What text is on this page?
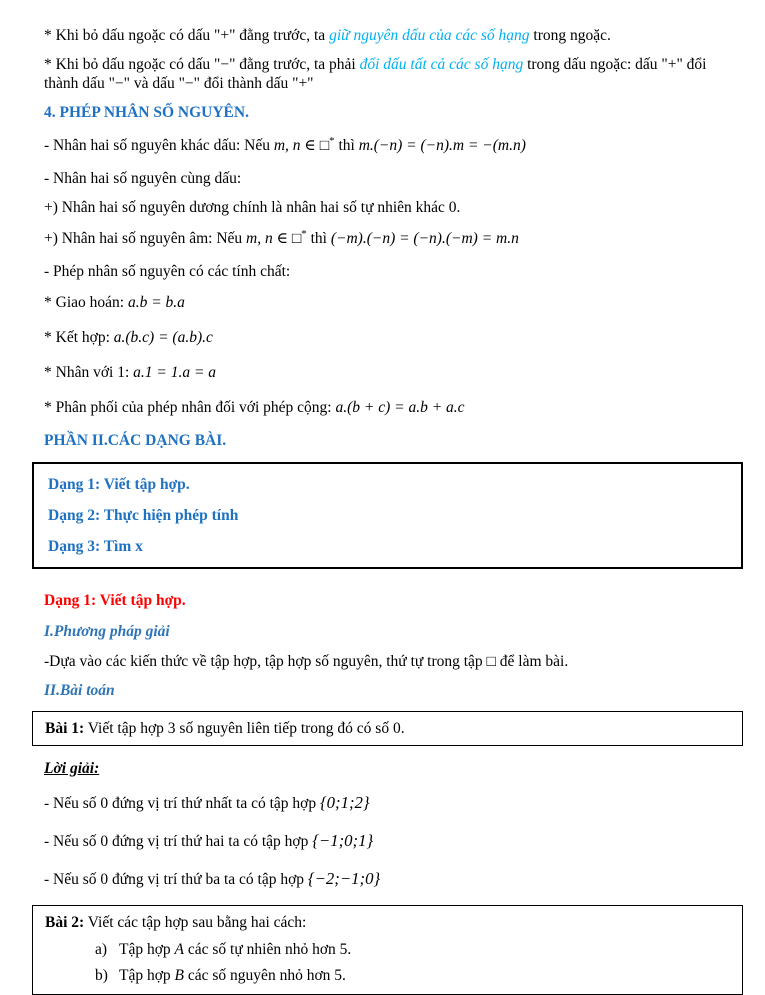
* Khi bỏ dấu ngoặc có dấu "+" đằng trước, ta giữ nguyên dấu của các số hạng trong ngoặc.

* Khi bỏ dấu ngoặc có dấu "−" đằng trước, ta phải đổi dấu tất cả các số hạng trong dấu ngoặc: dấu "+" đổi thành dấu "−" và dấu "−" đổi thành dấu "+"

4. PHÉP NHÂN SỐ NGUYÊN.

- Nhân hai số nguyên khác dấu: Nếu m, n ∈ □* thì m.(−n) = (−n).m = −(m.n)

- Nhân hai số nguyên cùng dấu:

+) Nhân hai số nguyên dương chính là nhân hai số tự nhiên khác 0.

+) Nhân hai số nguyên âm: Nếu m, n ∈ □* thì (−m).(−n) = (−n).(−m) = m.n

- Phép nhân số nguyên có các tính chất:

* Giao hoán: a.b = b.a

* Kết hợp: a.(b.c) = (a.b).c

* Nhân với 1: a.1 = 1.a = a

* Phân phối của phép nhân đối với phép cộng: a.(b + c) = a.b + a.c

PHẦN II.CÁC DẠNG BÀI.

Dạng 1: Viết tập hợp.

Dạng 2: Thực hiện phép tính

Dạng 3: Tìm x

Dạng 1: Viết tập hợp.

I.Phương pháp giải

-Dựa vào các kiến thức về tập hợp, tập hợp số nguyên, thứ tự trong tập □ để làm bài.

II.Bài toán

Bài 1: Viết tập hợp 3 số nguyên liên tiếp trong đó có số 0.

Lời giải:

- Nếu số 0 đứng vị trí thứ nhất ta có tập hợp {0;1;2}

- Nếu số 0 đứng vị trí thứ hai ta có tập hợp {−1;0;1}

- Nếu số 0 đứng vị trí thứ ba ta có tập hợp {−2;−1;0}

Bài 2: Viết các tập hợp sau bằng hai cách:

a) Tập hợp A các số tự nhiên nhỏ hơn 5.

b) Tập hợp B các số nguyên nhỏ hơn 5.
